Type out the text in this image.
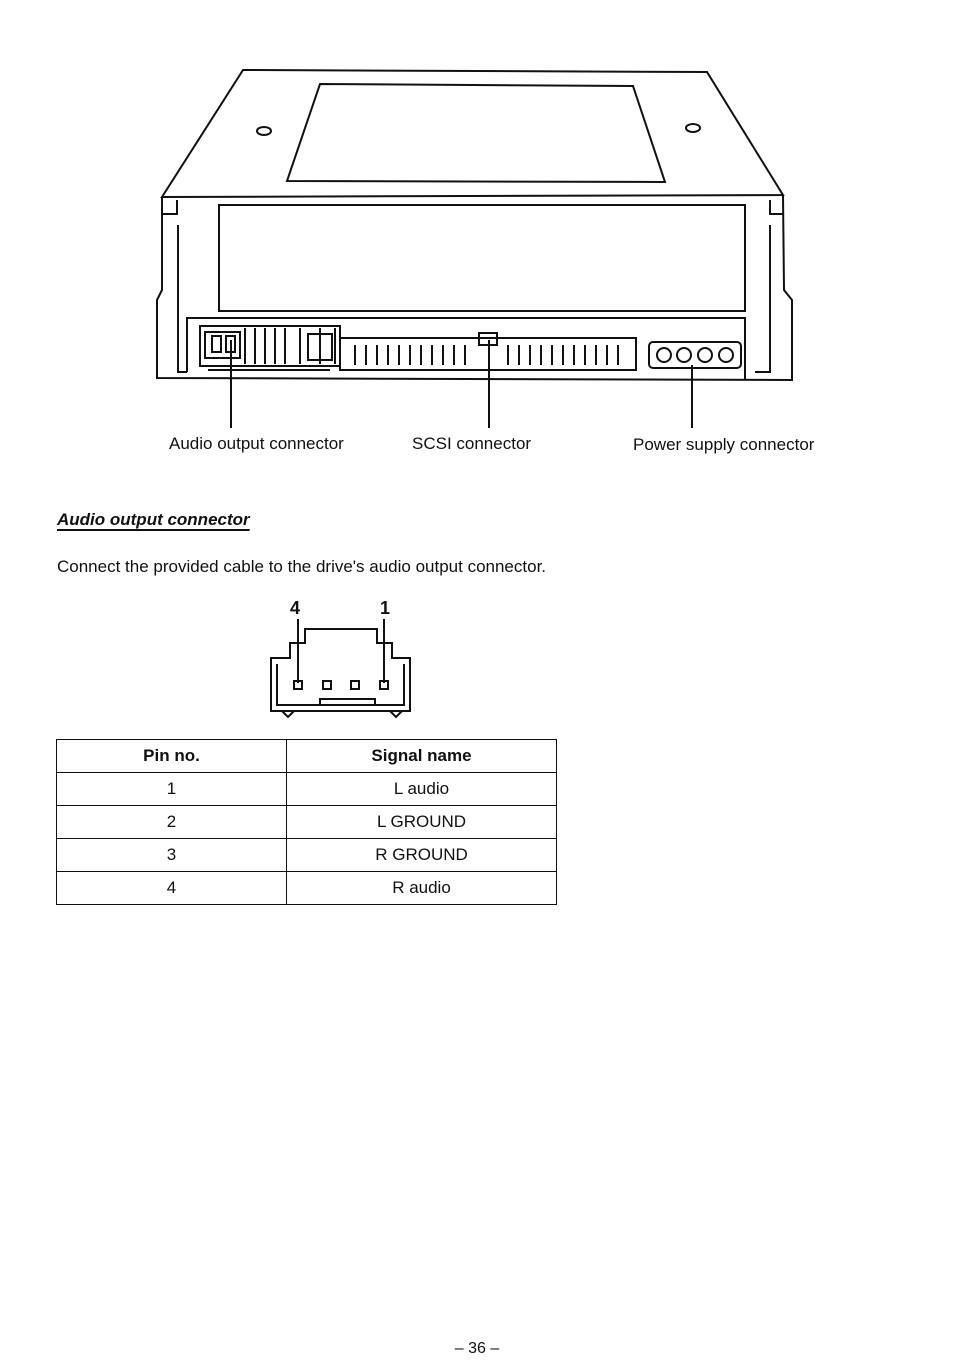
Audio output connector	SCSI connector	Power supply connector
Audio output connector
Connect the provided cable to the drive's audio output connector.
4	1
Pin no.	Signal name
1	L audio
2	L GROUND
3	R GROUND
4	R audio
– 36 –
